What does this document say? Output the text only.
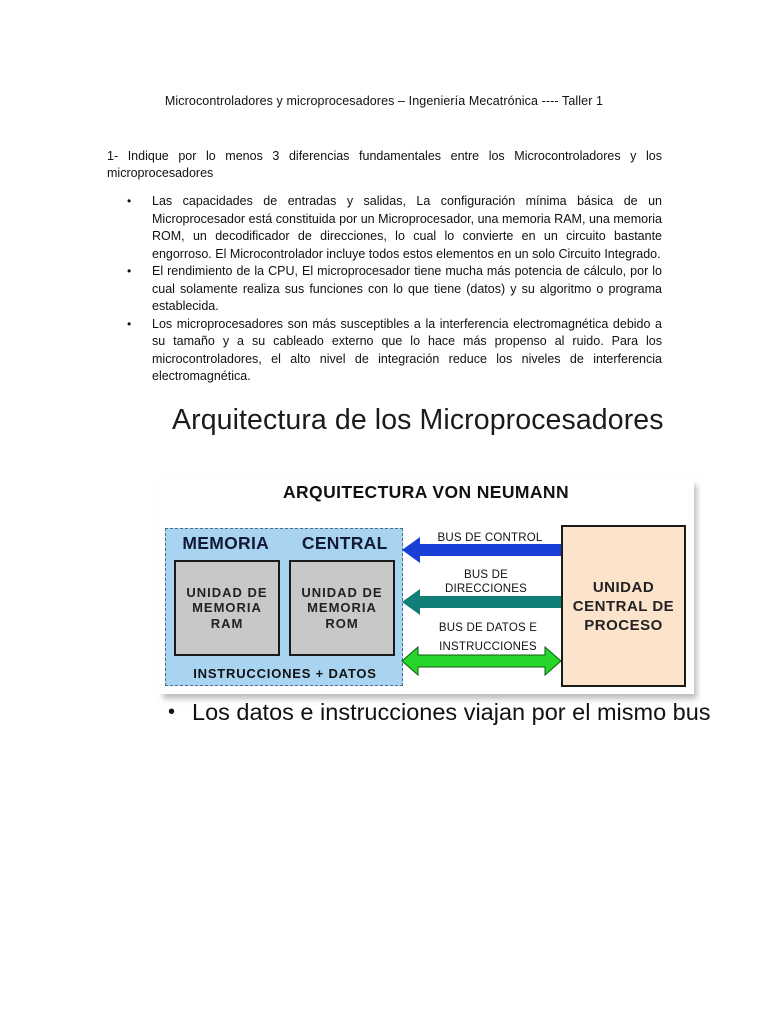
Microcontroladores y microprocesadores – Ingeniería Mecatrónica ---- Taller 1
1- Indique por lo menos 3 diferencias fundamentales entre los Microcontroladores y los microprocesadores
• Las capacidades de entradas y salidas, La configuración mínima básica de un Microprocesador está constituida por un Microprocesador, una memoria RAM, una memoria ROM, un decodificador de direcciones, lo cual lo convierte en un circuito bastante engorroso. El Microcontrolador incluye todos estos elementos en un solo Circuito Integrado.
• El rendimiento de la CPU, El microprocesador tiene mucha más potencia de cálculo, por lo cual solamente realiza sus funciones con lo que tiene (datos) y su algoritmo o programa establecida.
• Los microprocesadores son más susceptibles a la interferencia electromagnética debido a su tamaño y a su cableado externo que lo hace más propenso al ruido. Para los microcontroladores, el alto nivel de integración reduce los niveles de interferencia electromagnética.
Arquitectura de los Microprocesadores
ARQUITECTURA VON NEUMANN
MEMORIA CENTRAL
UNIDAD DE MEMORIA RAM
UNIDAD DE MEMORIA ROM
INSTRUCCIONES + DATOS
BUS DE CONTROL
BUS DE DIRECCIONES
BUS DE DATOS E INSTRUCCIONES
UNIDAD CENTRAL DE PROCESO
• Los datos e instrucciones viajan por el mismo bus
